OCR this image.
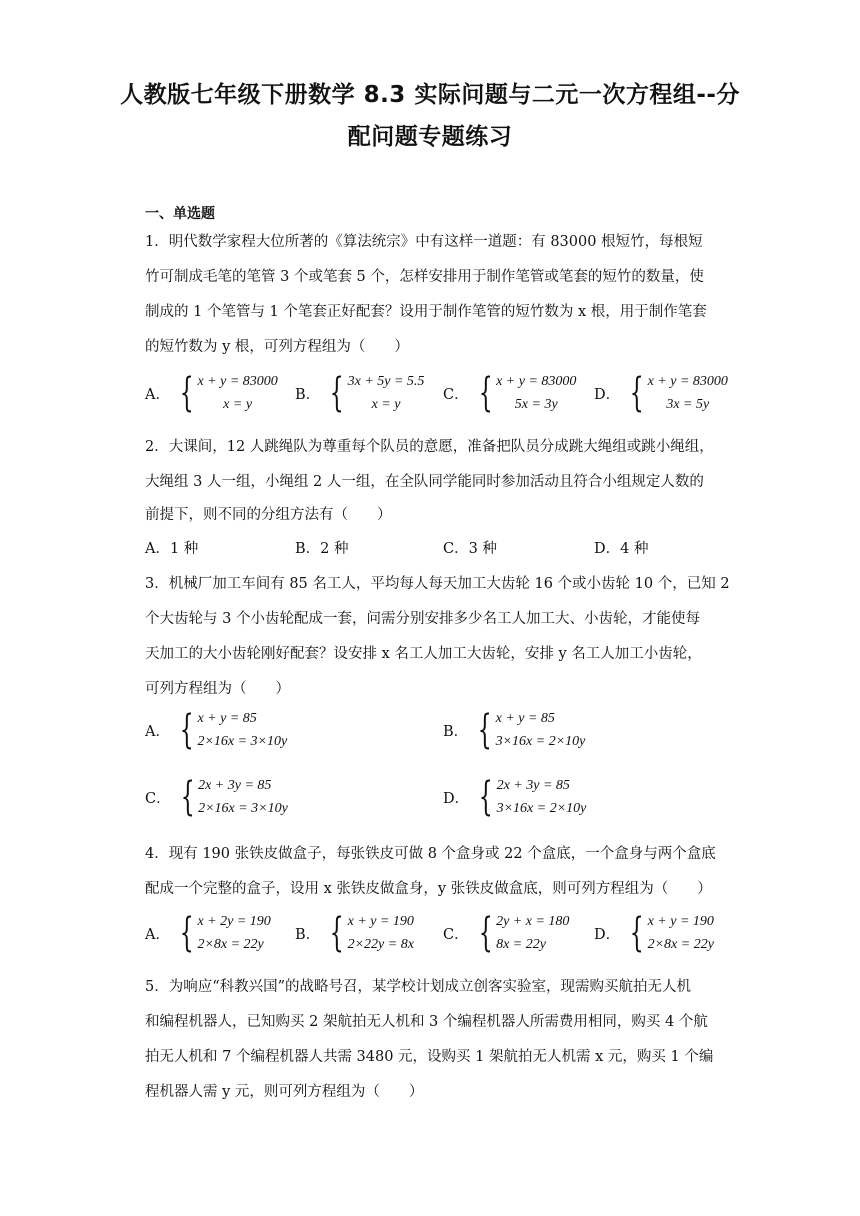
人教版七年级下册数学 8.3 实际问题与二元一次方程组--分
配问题专题练习
一、单选题
1．明代数学家程大位所著的《算法统宗》中有这样一道题：有 83000 根短竹，每根短
竹可制成毛笔的笔管 3 个或笔套 5 个，怎样安排用于制作笔管或笔套的短竹的数量，使
制成的 1 个笔管与 1 个笔套正好配套？设用于制作笔管的短竹数为 x 根，用于制作笔套
的短竹数为 y 根，可列方程组为（　　）
A． { x + y = 83000
x = y
B． { 3x + 5y = 5.5
x = y
C． { x + y = 83000
5x = 3y
D． { x + y = 83000
3x = 5y
2．大课间，12 人跳绳队为尊重每个队员的意愿，准备把队员分成跳大绳组或跳小绳组，
大绳组 3 人一组，小绳组 2 人一组，在全队同学能同时参加活动且符合小组规定人数的
前提下，则不同的分组方法有（　　）
A．1 种	B．2 种	C．3 种	D．4 种
3．机械厂加工车间有 85 名工人，平均每人每天加工大齿轮 16 个或小齿轮 10 个，已知 2
个大齿轮与 3 个小齿轮配成一套，问需分别安排多少名工人加工大、小齿轮，才能使每
天加工的大小齿轮刚好配套？设安排 x 名工人加工大齿轮，安排 y 名工人加工小齿轮，
可列方程组为（　　）
A． { x + y = 85
2×16x = 3×10y
B． { x + y = 85
3×16x = 2×10y
C． { 2x + 3y = 85
2×16x = 3×10y
D． { 2x + 3y = 85
3×16x = 2×10y
4．现有 190 张铁皮做盒子，每张铁皮可做 8 个盒身或 22 个盒底，一个盒身与两个盒底
配成一个完整的盒子，设用 x 张铁皮做盒身，y 张铁皮做盒底，则可列方程组为（　　）
A． { x + 2y = 190
2×8x = 22y
B． { x + y = 190
2×22y = 8x
C． { 2y + x = 180
8x = 22y
D． { x + y = 190
2×8x = 22y
5．为响应“科教兴国”的战略号召，某学校计划成立创客实验室，现需购买航拍无人机
和编程机器人，已知购买 2 架航拍无人机和 3 个编程机器人所需费用相同，购买 4 个航
拍无人机和 7 个编程机器人共需 3480 元，设购买 1 架航拍无人机需 x 元，购买 1 个编
程机器人需 y 元，则可列方程组为（　　）
